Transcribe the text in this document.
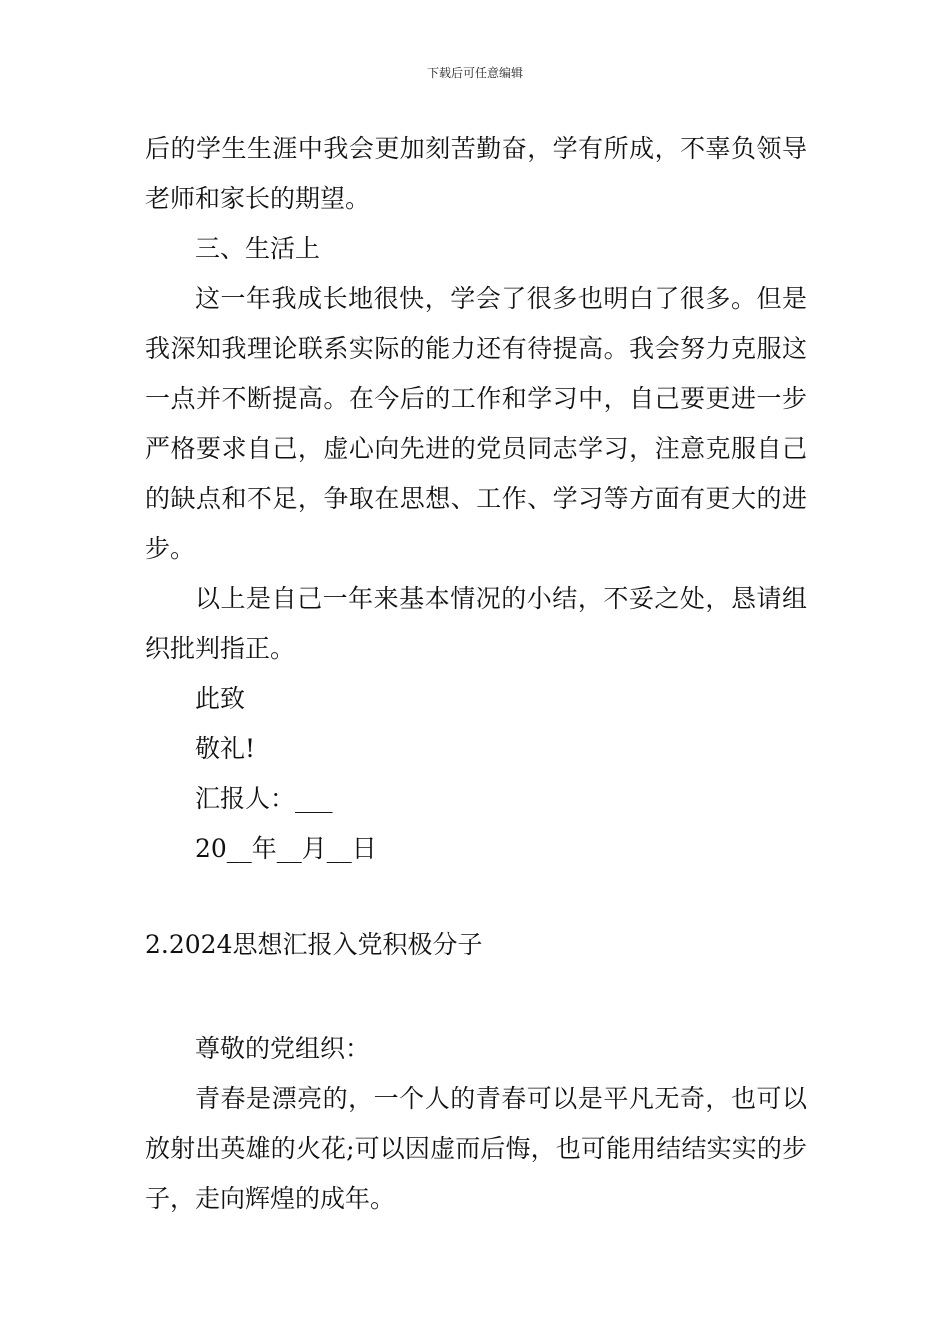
下载后可任意编辑

后的学生生涯中我会更加刻苦勤奋，学有所成，不辜负领导老师和家长的期望。

三、生活上

这一年我成长地很快，学会了很多也明白了很多。但是我深知我理论联系实际的能力还有待提高。我会努力克服这一点并不断提高。在今后的工作和学习中，自己要更进一步严格要求自己，虚心向先进的党员同志学习，注意克服自己的缺点和不足，争取在思想、工作、学习等方面有更大的进步。

以上是自己一年来基本情况的小结，不妥之处，恳请组织批判指正。

此致

敬礼!

汇报人：___

20__年__月__日

2.2024思想汇报入党积极分子

尊敬的党组织：

青春是漂亮的，一个人的青春可以是平凡无奇，也可以放射出英雄的火花;可以因虚而后悔，也可能用结结实实的步子，走向辉煌的成年。
